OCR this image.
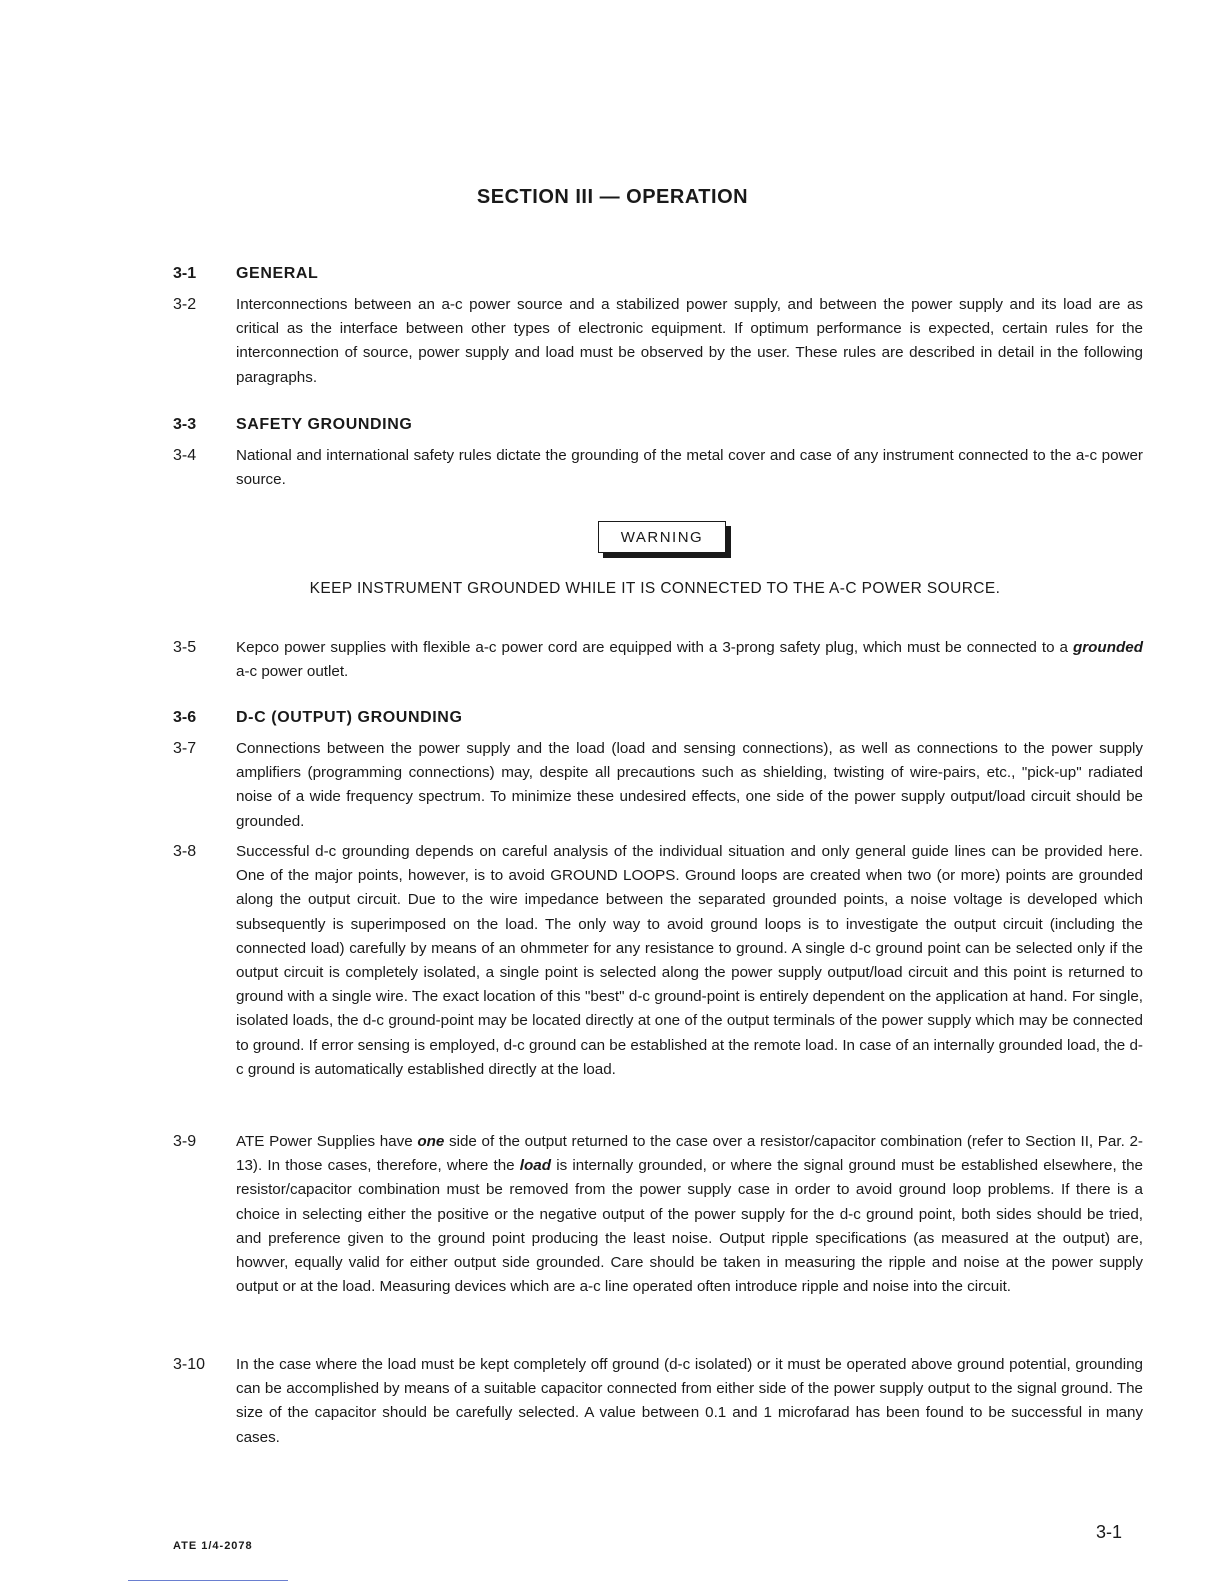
SECTION III — OPERATION
3-1 GENERAL
3-2	Interconnections between an a-c power source and a stabilized power supply, and between the power supply and its load are as critical as the interface between other types of electronic equipment. If optimum performance is expected, certain rules for the interconnection of source, power supply and load must be observed by the user. These rules are described in detail in the following paragraphs.
3-3 SAFETY GROUNDING
3-4	National and international safety rules dictate the grounding of the metal cover and case of any instrument connected to the a-c power source.
WARNING
KEEP INSTRUMENT GROUNDED WHILE IT IS CONNECTED TO THE A-C POWER SOURCE.
3-5	Kepco power supplies with flexible a-c power cord are equipped with a 3-prong safety plug, which must be connected to a grounded a-c power outlet.
3-6 D-C (OUTPUT) GROUNDING
3-7	Connections between the power supply and the load (load and sensing connections), as well as connections to the power supply amplifiers (programming connections) may, despite all precautions such as shielding, twisting of wire-pairs, etc., "pick-up" radiated noise of a wide frequency spectrum. To minimize these undesired effects, one side of the power supply output/load circuit should be grounded.
3-8	Successful d-c grounding depends on careful analysis of the individual situation and only general guide lines can be provided here. One of the major points, however, is to avoid GROUND LOOPS. Ground loops are created when two (or more) points are grounded along the output circuit. Due to the wire impedance between the separated grounded points, a noise voltage is developed which subsequently is superimposed on the load. The only way to avoid ground loops is to investigate the output circuit (including the connected load) carefully by means of an ohmmeter for any resistance to ground. A single d-c ground point can be selected only if the output circuit is completely isolated, a single point is selected along the power supply output/load circuit and this point is returned to ground with a single wire. The exact location of this "best" d-c ground-point is entirely dependent on the application at hand. For single, isolated loads, the d-c ground-point may be located directly at one of the output terminals of the power supply which may be connected to ground. If error sensing is employed, d-c ground can be established at the remote load. In case of an internally grounded load, the d-c ground is automatically established directly at the load.
3-9	ATE Power Supplies have one side of the output returned to the case over a resistor/capacitor combination (refer to Section II, Par. 2-13). In those cases, therefore, where the load is internally grounded, or where the signal ground must be established elsewhere, the resistor/capacitor combination must be removed from the power supply case in order to avoid ground loop problems. If there is a choice in selecting either the positive or the negative output of the power supply for the d-c ground point, both sides should be tried, and preference given to the ground point producing the least noise. Output ripple specifications (as measured at the output) are, howver, equally valid for either output side grounded. Care should be taken in measuring the ripple and noise at the power supply output or at the load. Measuring devices which are a-c line operated often introduce ripple and noise into the circuit.
3-10 In the case where the load must be kept completely off ground (d-c isolated) or it must be operated above ground potential, grounding can be accomplished by means of a suitable capacitor connected from either side of the power supply output to the signal ground. The size of the capacitor should be carefully selected. A value between 0.1 and 1 microfarad has been found to be successful in many cases.
ATE 1/4-2078
3-1
